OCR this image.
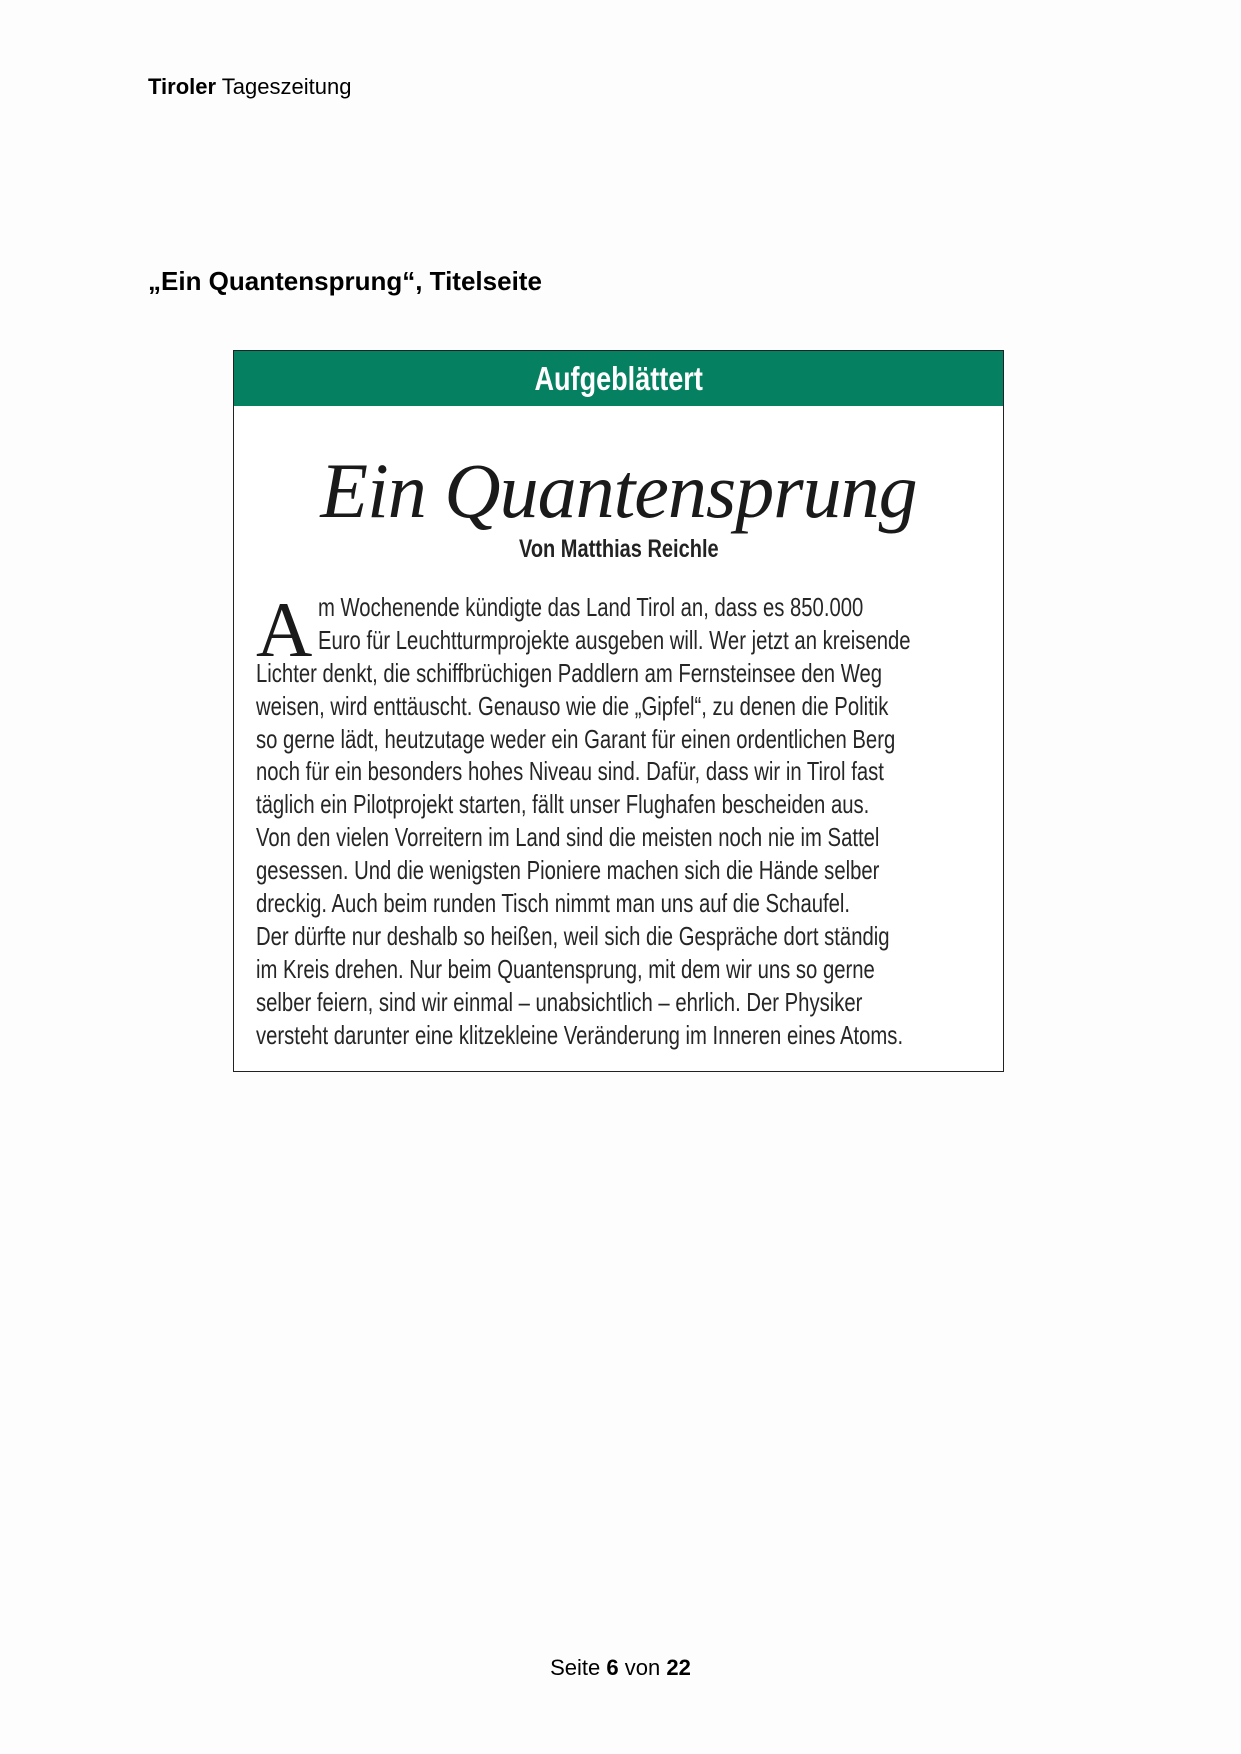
Tiroler Tageszeitung
„Ein Quantensprung“, Titelseite
Aufgeblättert
Ein Quantensprung
Von Matthias Reichle
A m Wochenende kündigte das Land Tirol an, dass es 850.000
Euro für Leuchtturmprojekte ausgeben will. Wer jetzt an kreisende
Lichter denkt, die schiffbrüchigen Paddlern am Fernsteinsee den Weg
weisen, wird enttäuscht. Genauso wie die „Gipfel“, zu denen die Politik
so gerne lädt, heutzutage weder ein Garant für einen ordentlichen Berg
noch für ein besonders hohes Niveau sind. Dafür, dass wir in Tirol fast
täglich ein Pilotprojekt starten, fällt unser Flughafen bescheiden aus.
Von den vielen Vorreitern im Land sind die meisten noch nie im Sattel
gesessen. Und die wenigsten Pioniere machen sich die Hände selber
dreckig. Auch beim runden Tisch nimmt man uns auf die Schaufel.
Der dürfte nur deshalb so heißen, weil sich die Gespräche dort ständig
im Kreis drehen. Nur beim Quantensprung, mit dem wir uns so gerne
selber feiern, sind wir einmal – unabsichtlich – ehrlich. Der Physiker
versteht darunter eine klitzekleine Veränderung im Inneren eines Atoms.
Seite 6 von 22
